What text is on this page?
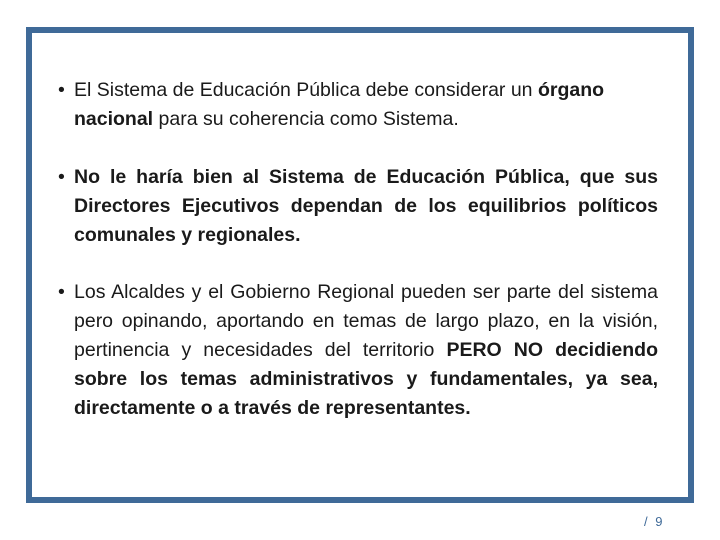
• El Sistema de Educación Pública debe considerar un órgano nacional para su coherencia como Sistema.
• No le haría bien al Sistema de Educación Pública, que sus Directores Ejecutivos dependan de los equilibrios políticos comunales y regionales.
• Los Alcaldes y el Gobierno Regional pueden ser parte del sistema pero opinando, aportando en temas de largo plazo, en la visión, pertinencia y necesidades del territorio PERO NO decidiendo sobre los temas administrativos y fundamentales, ya sea, directamente o a través de representantes.
/ 9
